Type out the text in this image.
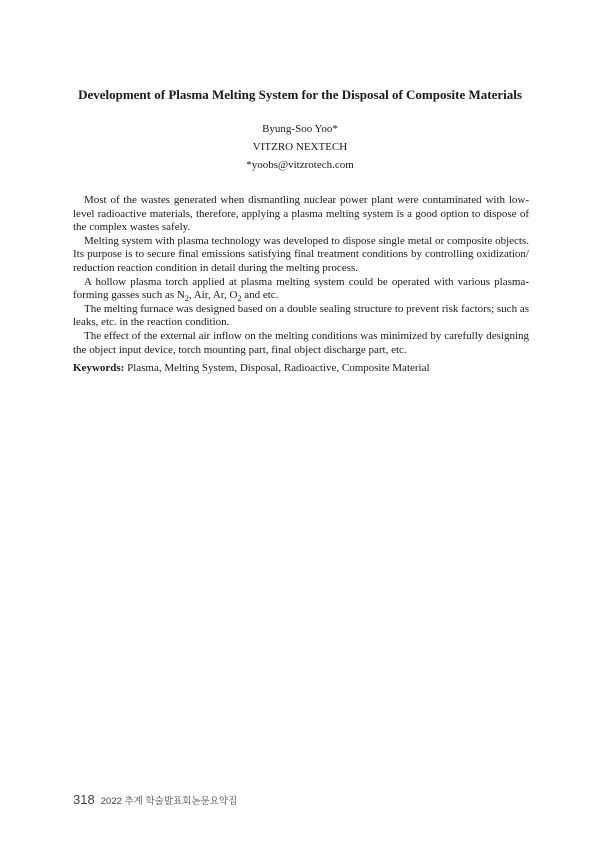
Development of Plasma Melting System for the Disposal of Composite Materials
Byung-Soo Yoo*
VITZRO NEXTECH
*yoobs@vitzrotech.com

Most of the wastes generated when dismantling nuclear power plant were contaminated with low-level radioactive materials, therefore, applying a plasma melting system is a good option to dispose of the complex wastes safely.

Melting system with plasma technology was developed to dispose single metal or composite objects. Its purpose is to secure final emissions satisfying final treatment conditions by controlling oxidization/ reduction reaction condition in detail during the melting process.

A hollow plasma torch applied at plasma melting system could be operated with various plasma-forming gasses such as $N_2$, Air, Ar, $O_2$ and etc.

The melting furnace was designed based on a double sealing structure to prevent risk factors; such as leaks, etc. in the reaction condition.

The effect of the external air inflow on the melting conditions was minimized by carefully designing the object input device, torch mounting part, final object discharge part, etc.

Keywords: Plasma, Melting System, Disposal, Radioactive, Composite Material
318 2022 추계 학술발표회논문요약집
